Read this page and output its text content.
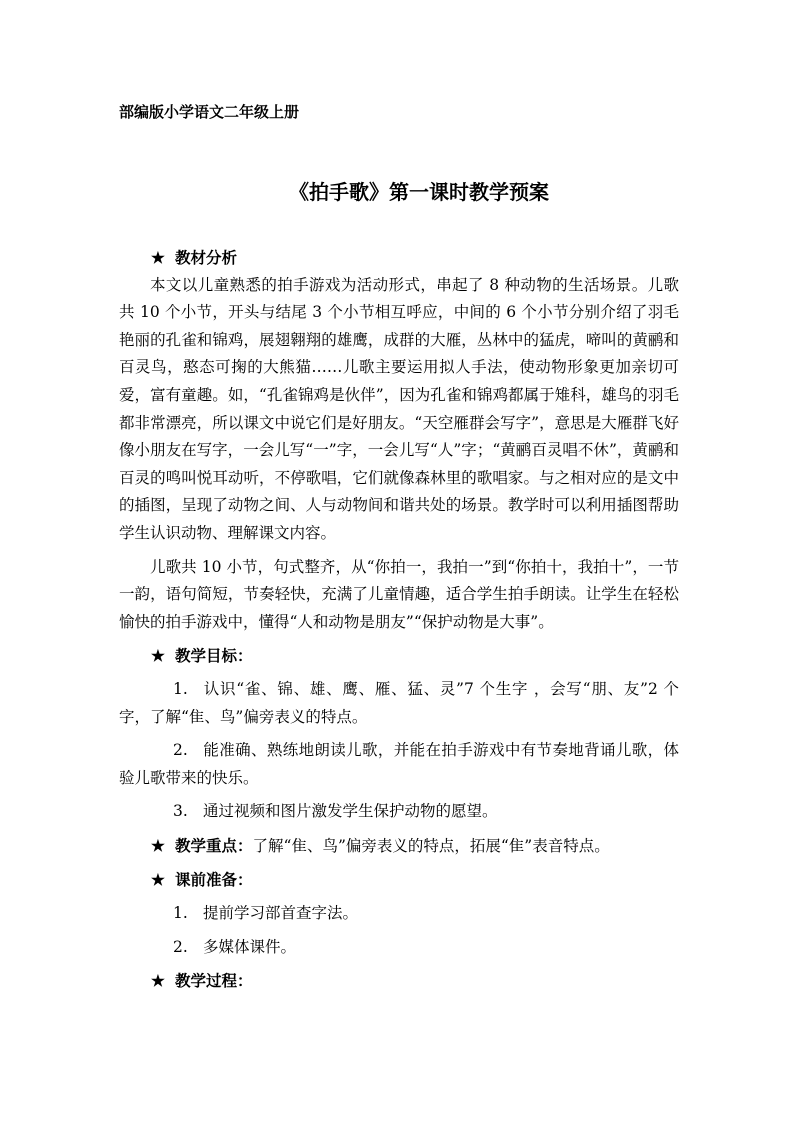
部编版小学语文二年级上册
《拍手歌》第一课时教学预案

★ 教材分析

本文以儿童熟悉的拍手游戏为活动形式，串起了 8 种动物的生活场景。儿歌共 10 个小节，开头与结尾 3 个小节相互呼应，中间的 6 个小节分别介绍了羽毛艳丽的孔雀和锦鸡，展翅翱翔的雄鹰，成群的大雁，丛林中的猛虎，啼叫的黄鹂和百灵鸟，憨态可掬的大熊猫……儿歌主要运用拟人手法，使动物形象更加亲切可爱，富有童趣。如，“孔雀锦鸡是伙伴”，因为孔雀和锦鸡都属于雉科，雄鸟的羽毛都非常漂亮，所以课文中说它们是好朋友。“天空雁群会写字”，意思是大雁群飞好像小朋友在写字，一会儿写“一”字，一会儿写“人”字；“黄鹂百灵唱不休”，黄鹂和百灵的鸣叫悦耳动听，不停歌唱，它们就像森林里的歌唱家。与之相对应的是文中的插图，呈现了动物之间、人与动物间和谐共处的场景。教学时可以利用插图帮助学生认识动物、理解课文内容。

儿歌共 10 小节，句式整齐，从“你拍一，我拍一”到“你拍十，我拍十”，一节一韵，语句简短，节奏轻快，充满了儿童情趣，适合学生拍手朗读。让学生在轻松愉快的拍手游戏中，懂得“人和动物是朋友”“保护动物是大事”。

★ 教学目标：

1. 认识“雀、锦、雄、鹰、雁、猛、灵”7 个生字 ，会写“朋、友”2 个字，了解“隹、鸟”偏旁表义的特点。

2. 能准确、熟练地朗读儿歌，并能在拍手游戏中有节奏地背诵儿歌，体验儿歌带来的快乐。

3. 通过视频和图片激发学生保护动物的愿望。

★ 教学重点：了解“隹、鸟”偏旁表义的特点，拓展“隹”表音特点。

★ 课前准备：

1. 提前学习部首查字法。

2. 多媒体课件。

★ 教学过程：
